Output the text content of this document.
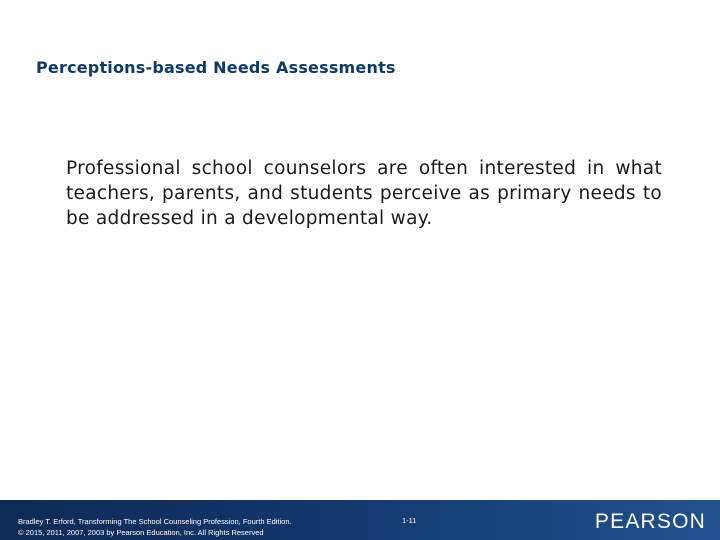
Perceptions-based Needs Assessments
Professional school counselors are often interested in what teachers, parents, and students perceive as primary needs to be addressed in a developmental way.
Bradley T. Erford, Transforming The School Counseling Profession, Fourth Edition.
© 2015, 2011, 2007, 2003 by Pearson Education, Inc. All Rights Reserved
1-11	PEARSON
